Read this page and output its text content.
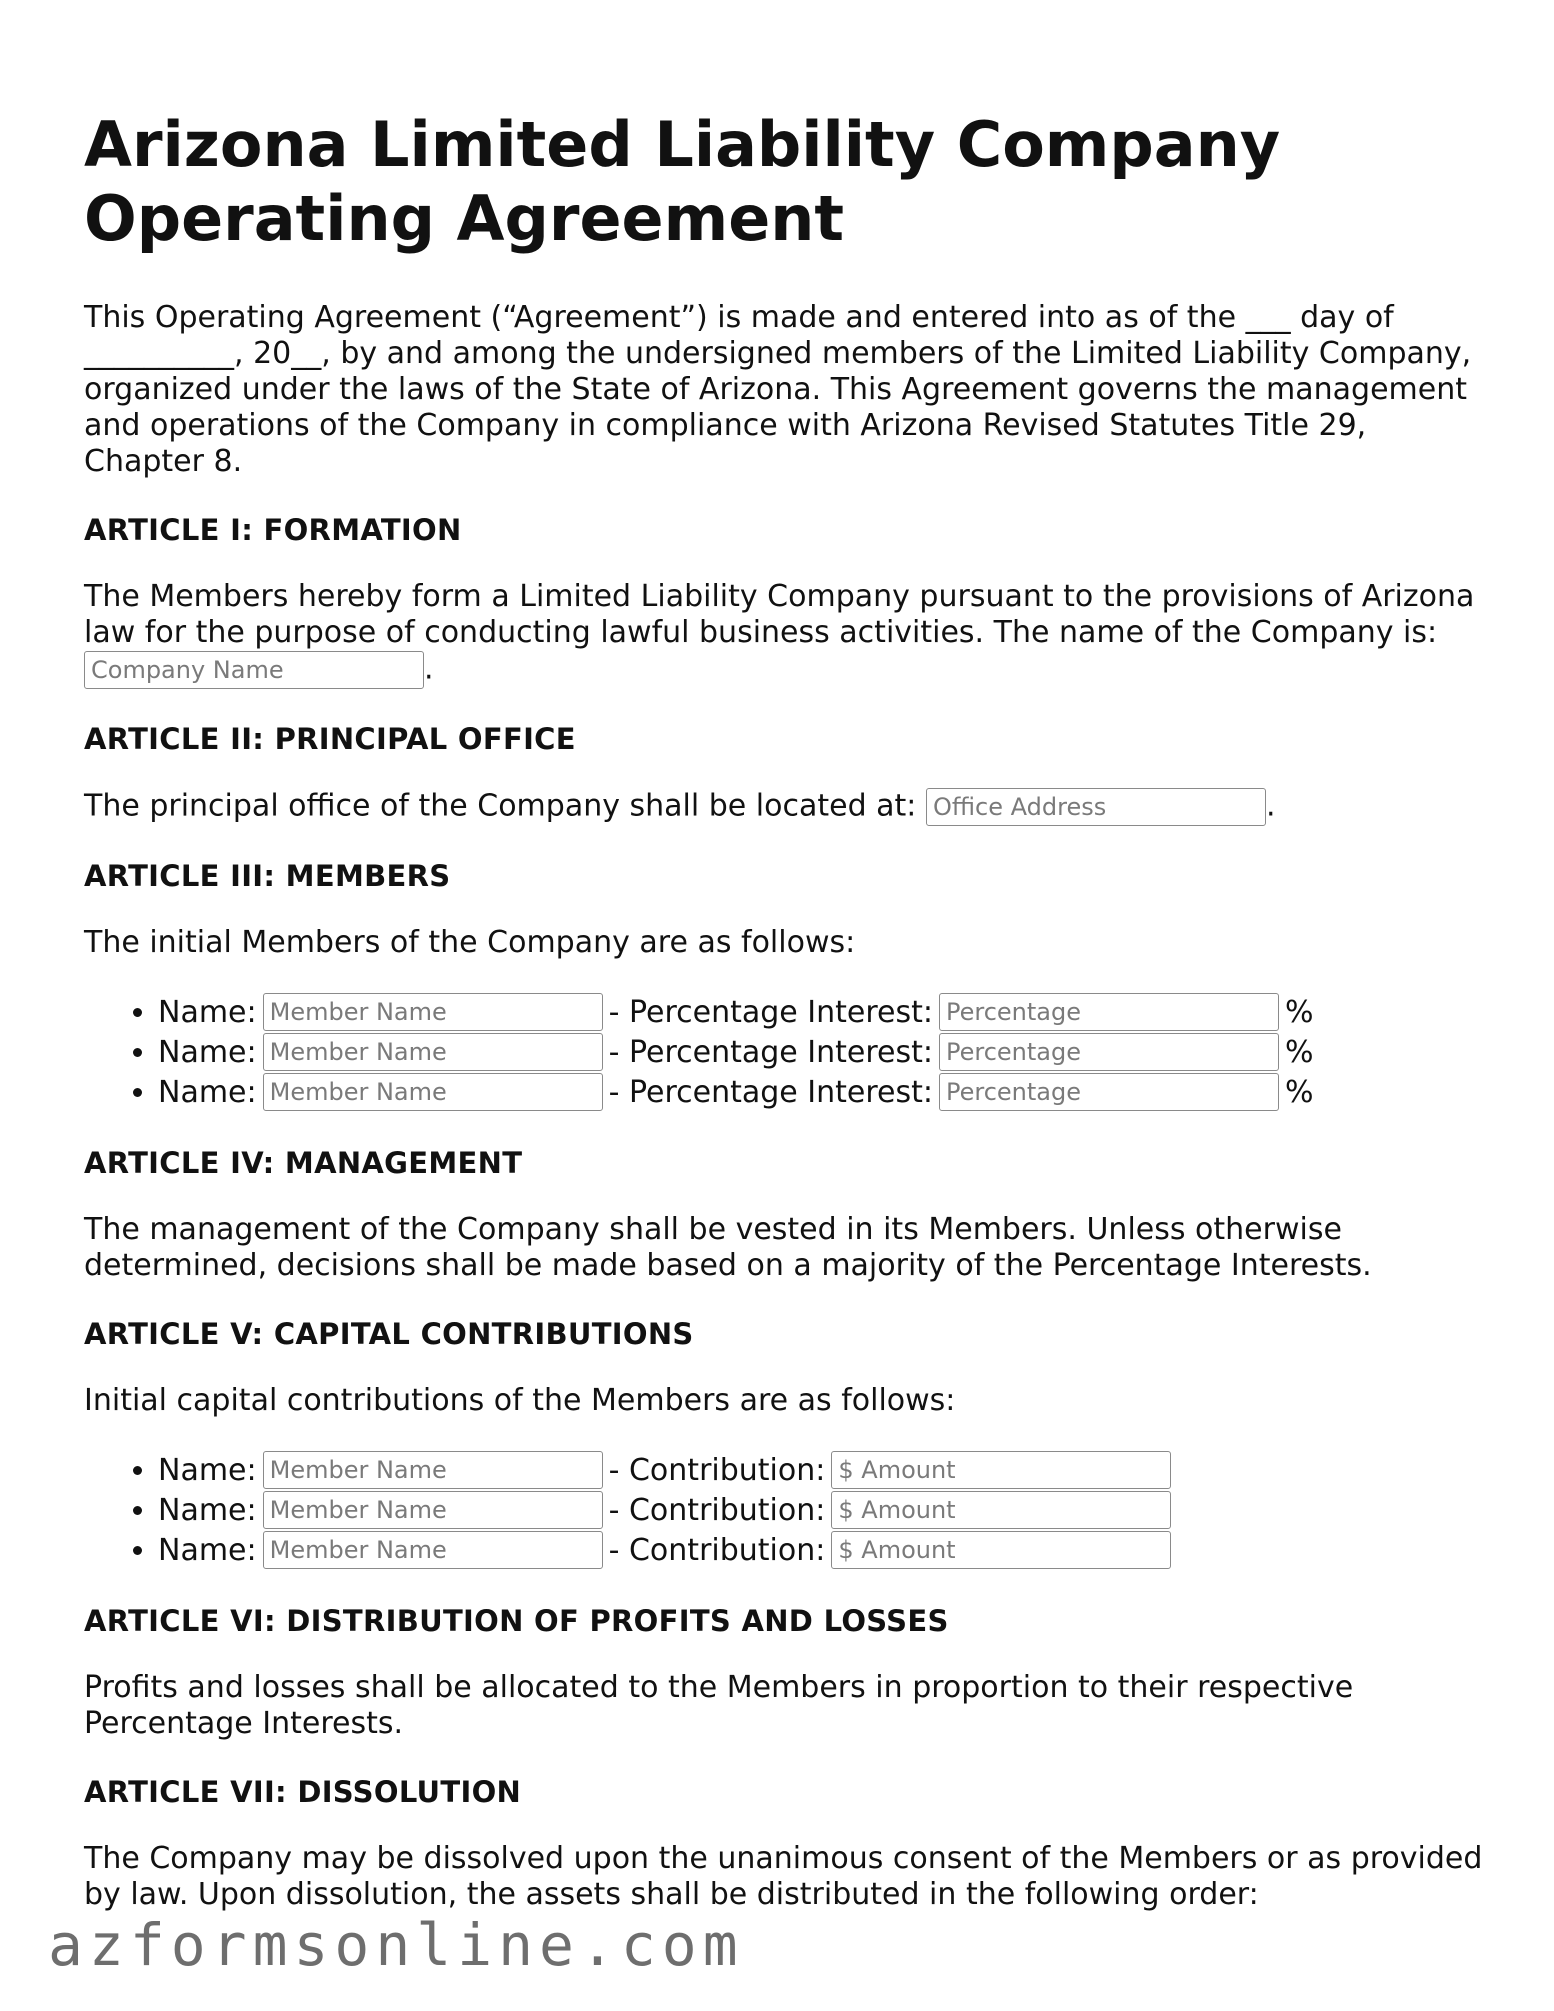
Arizona Limited Liability Company
Operating Agreement

This Operating Agreement (“Agreement”) is made and entered into as of the ___ day of __________, 20__, by and among the undersigned members of the Limited Liability Company, organized under the laws of the State of Arizona. This Agreement governs the management and operations of the Company in compliance with Arizona Revised Statutes Title 29, Chapter 8.

ARTICLE I: FORMATION

The Members hereby form a Limited Liability Company pursuant to the provisions of Arizona law for the purpose of conducting lawful business activities. The name of the Company is: Company Name.

ARTICLE II: PRINCIPAL OFFICE

The principal office of the Company shall be located at: Office Address	.

ARTICLE III: MEMBERS

The initial Members of the Company are as follows:

• Name:Member Name	- Percentage Interest:Percentage	%
• Name:Member Name	- Percentage Interest:Percentage	%
• Name:Member Name	- Percentage Interest:Percentage	%
ARTICLE IV: MANAGEMENT

The management of the Company shall be vested in its Members. Unless otherwise determined, decisions shall be made based on a majority of the Percentage Interests.

ARTICLE V: CAPITAL CONTRIBUTIONS

Initial capital contributions of the Members are as follows:

• Name:Member Name	- Contribution:$ Amount
• Name:Member Name	- Contribution:$ Amount
• Name:Member Name	- Contribution:$ Amount
ARTICLE VI: DISTRIBUTION OF PROFITS AND LOSSES

Profits and losses shall be allocated to the Members in proportion to their respective Percentage Interests.

ARTICLE VII: DISSOLUTION

The Company may be dissolved upon the unanimous consent of the Members or as provided by law. Upon dissolution, the assets shall be distributed in the following order:

azformsonline.com
